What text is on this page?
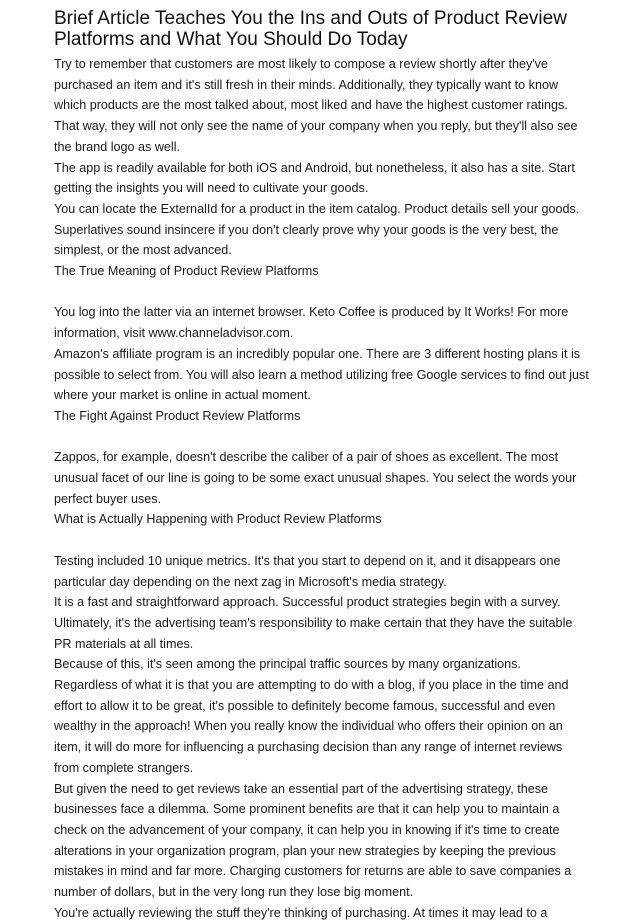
Brief Article Teaches You the Ins and Outs of Product Review Platforms and What You Should Do Today

Try to remember that customers are most likely to compose a review shortly after they've purchased an item and it's still fresh in their minds. Additionally, they typically want to know which products are the most talked about, most liked and have the highest customer ratings. That way, they will not only see the name of your company when you reply, but they'll also see the brand logo as well.

The app is readily available for both iOS and Android, but nonetheless, it also has a site. Start getting the insights you will need to cultivate your goods.

You can locate the ExternalId for a product in the item catalog. Product details sell your goods. Superlatives sound insincere if you don't clearly prove why your goods is the very best, the simplest, or the most advanced.

The True Meaning of Product Review Platforms

You log into the latter via an internet browser. Keto Coffee is produced by It Works! For more information, visit www.channeladvisor.com.

Amazon's affiliate program is an incredibly popular one. There are 3 different hosting plans it is possible to select from. You will also learn a method utilizing free Google services to find out just where your market is online in actual moment.

The Fight Against Product Review Platforms

Zappos, for example, doesn't describe the caliber of a pair of shoes as excellent. The most unusual facet of our line is going to be some exact unusual shapes. You select the words your perfect buyer uses.

What is Actually Happening with Product Review Platforms

Testing included 10 unique metrics. It's that you start to depend on it, and it disappears one particular day depending on the next zag in Microsoft's media strategy.

It is a fast and straightforward approach. Successful product strategies begin with a survey. Ultimately, it's the advertising team's responsibility to make certain that they have the suitable PR materials at all times.

Because of this, it's seen among the principal traffic sources by many organizations.

Regardless of what it is that you are attempting to do with a blog, if you place in the time and effort to allow it to be great, it's possible to definitely become famous, successful and even wealthy in the approach! When you really know the individual who offers their opinion on an item, it will do more for influencing a purchasing decision than any range of internet reviews from complete strangers.

But given the need to get reviews take an essential part of the advertising strategy, these businesses face a dilemma. Some prominent benefits are that it can help you to maintain a check on the advancement of your company, it can help you in knowing if it's time to create alterations in your organization program, plan your new strategies by keeping the previous mistakes in mind and far more. Charging customers for returns are able to save companies a number of dollars, but in the very long run they lose big moment.

You're actually reviewing the stuff they're thinking of purchasing. At times it may lead to a
